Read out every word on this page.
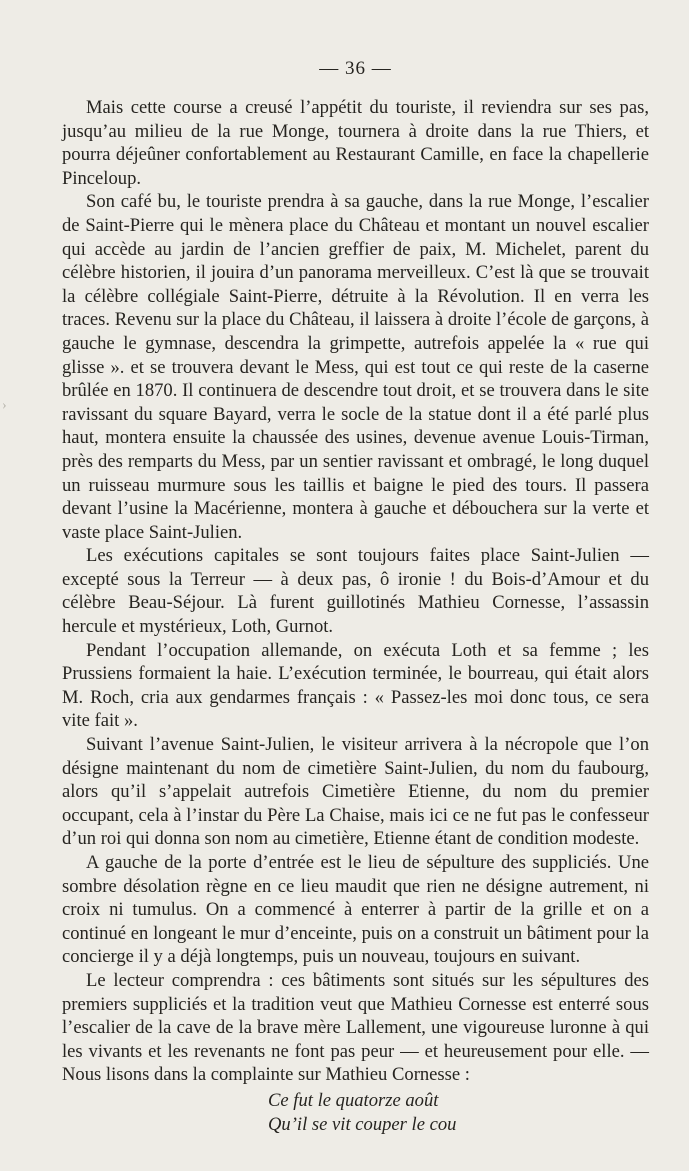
— 36 —

Mais cette course a creusé l’appétit du touriste, il reviendra sur ses pas, jusqu’au milieu de la rue Monge, tournera à droite dans la rue Thiers, et pourra déjeûner confortablement au Restaurant Camille, en face la chapellerie Pinceloup.

Son café bu, le touriste prendra à sa gauche, dans la rue Monge, l’escalier de Saint-Pierre qui le mènera place du Château et montant un nouvel escalier qui accède au jardin de l’ancien greffier de paix, M. Michelet, parent du célèbre historien, il jouira d’un panorama merveilleux. C’est là que se trouvait la célèbre collégiale Saint-Pierre, détruite à la Révolution. Il en verra les traces. Revenu sur la place du Château, il laissera à droite l’école de garçons, à gauche le gymnase, descendra la grimpette, autrefois appelée la « rue qui glisse ». et se trouvera devant le Mess, qui est tout ce qui reste de la caserne brûlée en 1870. Il continuera de descendre tout droit, et se trouvera dans le site ravissant du square Bayard, verra le socle de la statue dont il a été parlé plus haut, montera ensuite la chaussée des usines, devenue avenue Louis-Tirman, près des remparts du Mess, par un sentier ravissant et ombragé, le long duquel un ruisseau murmure sous les taillis et baigne le pied des tours. Il passera devant l’usine la Macérienne, montera à gauche et débouchera sur la verte et vaste place Saint-Julien.

Les exécutions capitales se sont toujours faites place Saint-Julien — excepté sous la Terreur — à deux pas, ô ironie ! du Bois-d’Amour et du célèbre Beau-Séjour. Là furent guillotinés Mathieu Cornesse, l’assassin hercule et mystérieux, Loth, Gurnot.

Pendant l’occupation allemande, on exécuta Loth et sa femme ; les Prussiens formaient la haie. L’exécution terminée, le bourreau, qui était alors M. Roch, cria aux gendarmes français : « Passez-les moi donc tous, ce sera vite fait ».

Suivant l’avenue Saint-Julien, le visiteur arrivera à la nécropole que l’on désigne maintenant du nom de cimetière Saint-Julien, du nom du faubourg, alors qu’il s’appelait autrefois Cimetière Etienne, du nom du premier occupant, cela à l’instar du Père La Chaise, mais ici ce ne fut pas le confesseur d’un roi qui donna son nom au cimetière, Etienne étant de condition modeste.

A gauche de la porte d’entrée est le lieu de sépulture des suppliciés. Une sombre désolation règne en ce lieu maudit que rien ne désigne autrement, ni croix ni tumulus. On a commencé à enterrer à partir de la grille et on a continué en longeant le mur d’enceinte, puis on a construit un bâtiment pour la concierge il y a déjà longtemps, puis un nouveau, toujours en suivant.

Le lecteur comprendra : ces bâtiments sont situés sur les sépultures des premiers suppliciés et la tradition veut que Mathieu Cornesse est enterré sous l’escalier de la cave de la brave mère Lallement, une vigoureuse luronne à qui les vivants et les revenants ne font pas peur — et heureusement pour elle. — Nous lisons dans la complainte sur Mathieu Cornesse :

Ce fut le quatorze août
Qu’il se vit couper le cou
›
